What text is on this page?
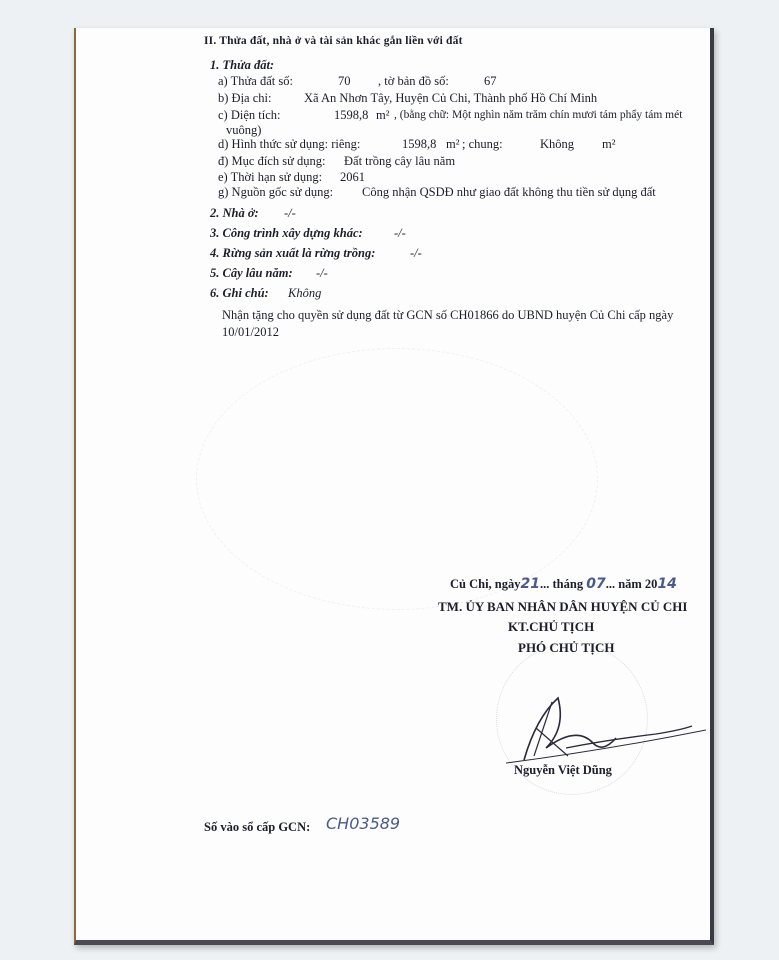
II. Thửa đất, nhà ở và tài sản khác gắn liền với đất
1. Thửa đất:
a) Thửa đất số:	70 , tờ bản đồ số:	67
b) Địa chỉ:	Xã An Nhơn Tây, Huyện Củ Chi, Thành phố Hồ Chí Minh
c) Diện tích:	1598,8 m² , (bằng chữ: Một nghìn năm trăm chín mươi tám phẩy tám mét
vuông)
d) Hình thức sử dụng: riêng:	1598,8 m² ; chung:	Không m²
đ) Mục đích sử dụng: Đất trồng cây lâu năm
e) Thời hạn sử dụng: 2061
g) Nguồn gốc sử dụng: Công nhận QSDĐ như giao đất không thu tiền sử dụng đất
2. Nhà ở: -/-
3. Công trình xây dựng khác:	-/-
4. Rừng sản xuất là rừng trồng:	-/-
5. Cây lâu năm: -/-
6. Ghi chú: Không
Nhận tặng cho quyền sử dụng đất từ GCN số CH01866 do UBND huyện Củ Chi cấp ngày
10/01/2012
Củ Chi, ngày21... tháng 07... năm 2014
TM. ỦY BAN NHÂN DÂN HUYỆN CỦ CHI
KT.CHỦ TỊCH
PHÓ CHỦ TỊCH
Nguyễn Việt Dũng
Số vào sổ cấp GCN: CH03589
